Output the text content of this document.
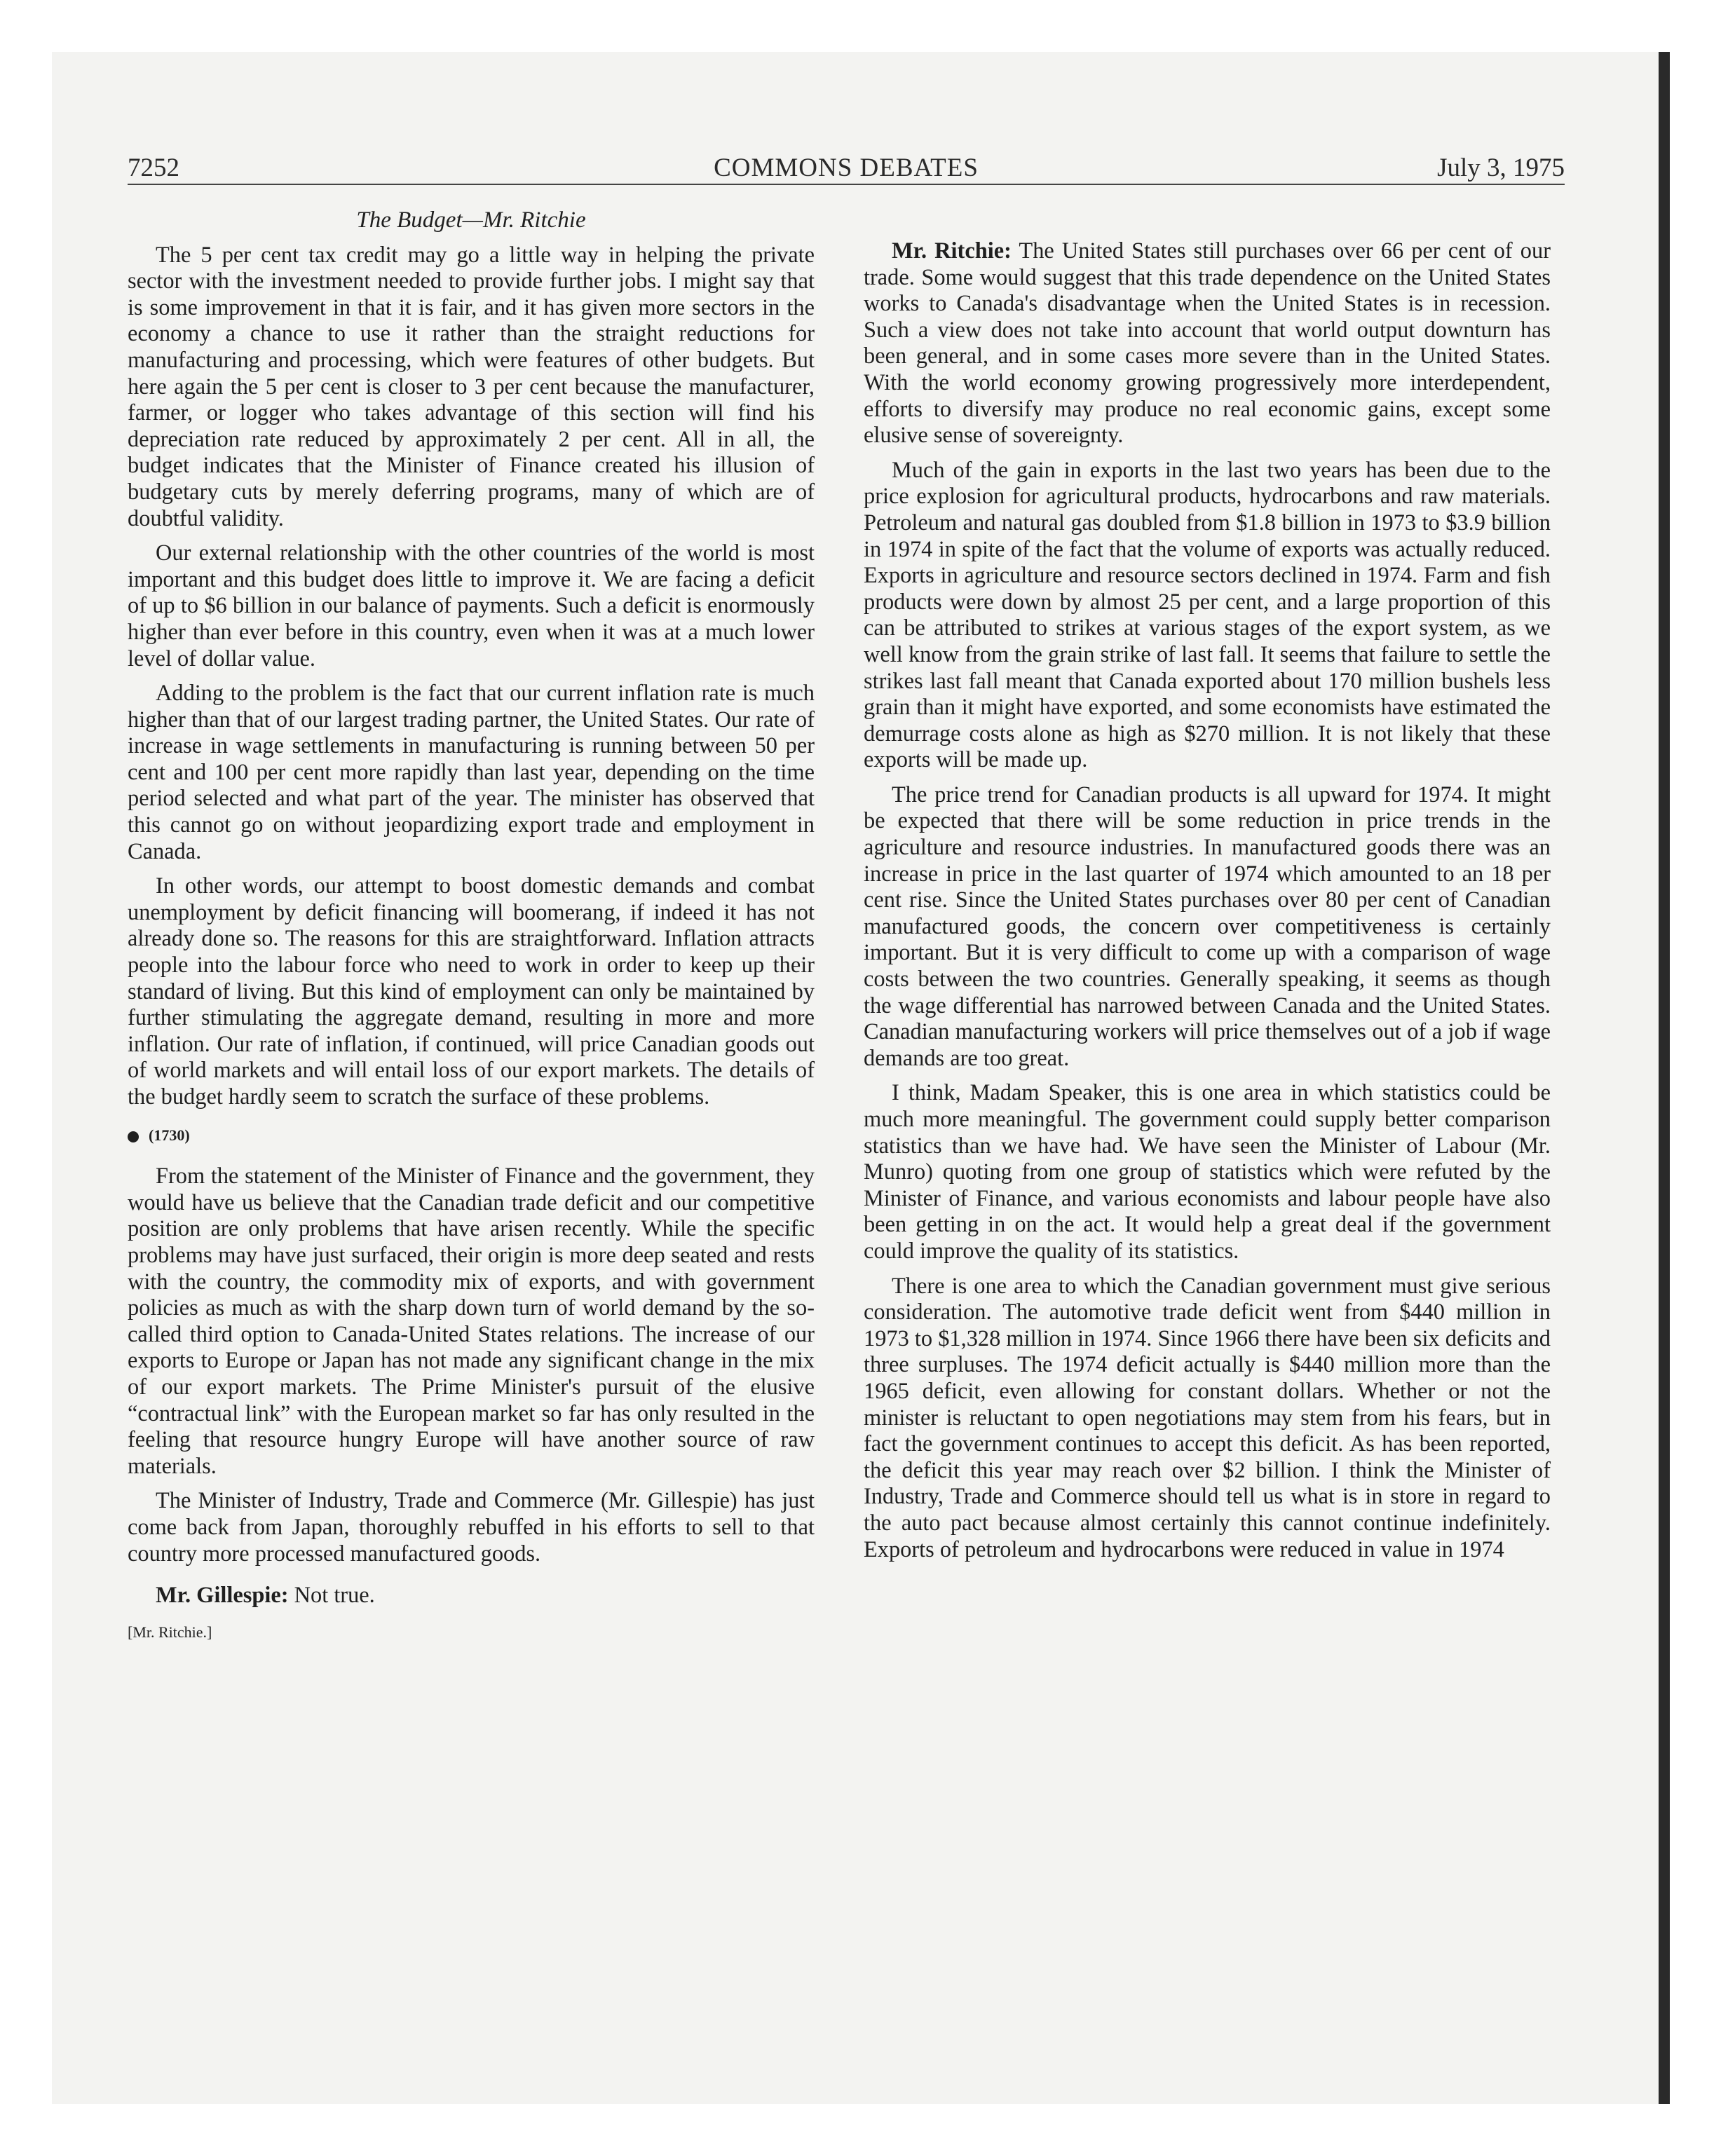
7252	COMMONS DEBATES	July 3, 1975
The Budget—Mr. Ritchie

The 5 per cent tax credit may go a little way in helping the private sector with the investment needed to provide further jobs. I might say that is some improvement in that it is fair, and it has given more sectors in the economy a chance to use it rather than the straight reductions for manufacturing and processing, which were features of other budgets. But here again the 5 per cent is closer to 3 per cent because the manufacturer, farmer, or logger who takes advantage of this section will find his depreciation rate reduced by approximately 2 per cent. All in all, the budget indicates that the Minister of Finance created his illusion of budgetary cuts by merely deferring programs, many of which are of doubtful validity.

Our external relationship with the other countries of the world is most important and this budget does little to improve it. We are facing a deficit of up to $6 billion in our balance of payments. Such a deficit is enormously higher than ever before in this country, even when it was at a much lower level of dollar value.

Adding to the problem is the fact that our current inflation rate is much higher than that of our largest trading partner, the United States. Our rate of increase in wage settlements in manufacturing is running between 50 per cent and 100 per cent more rapidly than last year, depending on the time period selected and what part of the year. The minister has observed that this cannot go on without jeopardizing export trade and employment in Canada.

In other words, our attempt to boost domestic demands and combat unemployment by deficit financing will boomerang, if indeed it has not already done so. The reasons for this are straightforward. Inflation attracts people into the labour force who need to work in order to keep up their standard of living. But this kind of employment can only be maintained by further stimulating the aggregate demand, resulting in more and more inflation. Our rate of inflation, if continued, will price Canadian goods out of world markets and will entail loss of our export markets. The details of the budget hardly seem to scratch the surface of these problems.

(1730)

From the statement of the Minister of Finance and the government, they would have us believe that the Canadian trade deficit and our competitive position are only problems that have arisen recently. While the specific problems may have just surfaced, their origin is more deep seated and rests with the country, the commodity mix of exports, and with government policies as much as with the sharp down turn of world demand by the so-called third option to Canada-United States relations. The increase of our exports to Europe or Japan has not made any significant change in the mix of our export markets. The Prime Minister's pursuit of the elusive “contractual link” with the European market so far has only resulted in the feeling that resource hungry Europe will have another source of raw materials.

The Minister of Industry, Trade and Commerce (Mr. Gillespie) has just come back from Japan, thoroughly rebuffed in his efforts to sell to that country more processed manufactured goods.

Mr. Gillespie: Not true.

[Mr. Ritchie.]

Mr. Ritchie: The United States still purchases over 66 per cent of our trade. Some would suggest that this trade dependence on the United States works to Canada's disadvantage when the United States is in recession. Such a view does not take into account that world output downturn has been general, and in some cases more severe than in the United States. With the world economy growing progressively more interdependent, efforts to diversify may produce no real economic gains, except some elusive sense of sovereignty.

Much of the gain in exports in the last two years has been due to the price explosion for agricultural products, hydrocarbons and raw materials. Petroleum and natural gas doubled from $1.8 billion in 1973 to $3.9 billion in 1974 in spite of the fact that the volume of exports was actually reduced. Exports in agriculture and resource sectors declined in 1974. Farm and fish products were down by almost 25 per cent, and a large proportion of this can be attributed to strikes at various stages of the export system, as we well know from the grain strike of last fall. It seems that failure to settle the strikes last fall meant that Canada exported about 170 million bushels less grain than it might have exported, and some economists have estimated the demurrage costs alone as high as $270 million. It is not likely that these exports will be made up.

The price trend for Canadian products is all upward for 1974. It might be expected that there will be some reduction in price trends in the agriculture and resource industries. In manufactured goods there was an increase in price in the last quarter of 1974 which amounted to an 18 per cent rise. Since the United States purchases over 80 per cent of Canadian manufactured goods, the concern over competitiveness is certainly important. But it is very difficult to come up with a comparison of wage costs between the two countries. Generally speaking, it seems as though the wage differential has narrowed between Canada and the United States. Canadian manufacturing workers will price themselves out of a job if wage demands are too great.

I think, Madam Speaker, this is one area in which statistics could be much more meaningful. The government could supply better comparison statistics than we have had. We have seen the Minister of Labour (Mr. Munro) quoting from one group of statistics which were refuted by the Minister of Finance, and various economists and labour people have also been getting in on the act. It would help a great deal if the government could improve the quality of its statistics.

There is one area to which the Canadian government must give serious consideration. The automotive trade deficit went from $440 million in 1973 to $1,328 million in 1974. Since 1966 there have been six deficits and three surpluses. The 1974 deficit actually is $440 million more than the 1965 deficit, even allowing for constant dollars. Whether or not the minister is reluctant to open negotiations may stem from his fears, but in fact the government continues to accept this deficit. As has been reported, the deficit this year may reach over $2 billion. I think the Minister of Industry, Trade and Commerce should tell us what is in store in regard to the auto pact because almost certainly this cannot continue indefinitely. Exports of petroleum and hydrocarbons were reduced in value in 1974
